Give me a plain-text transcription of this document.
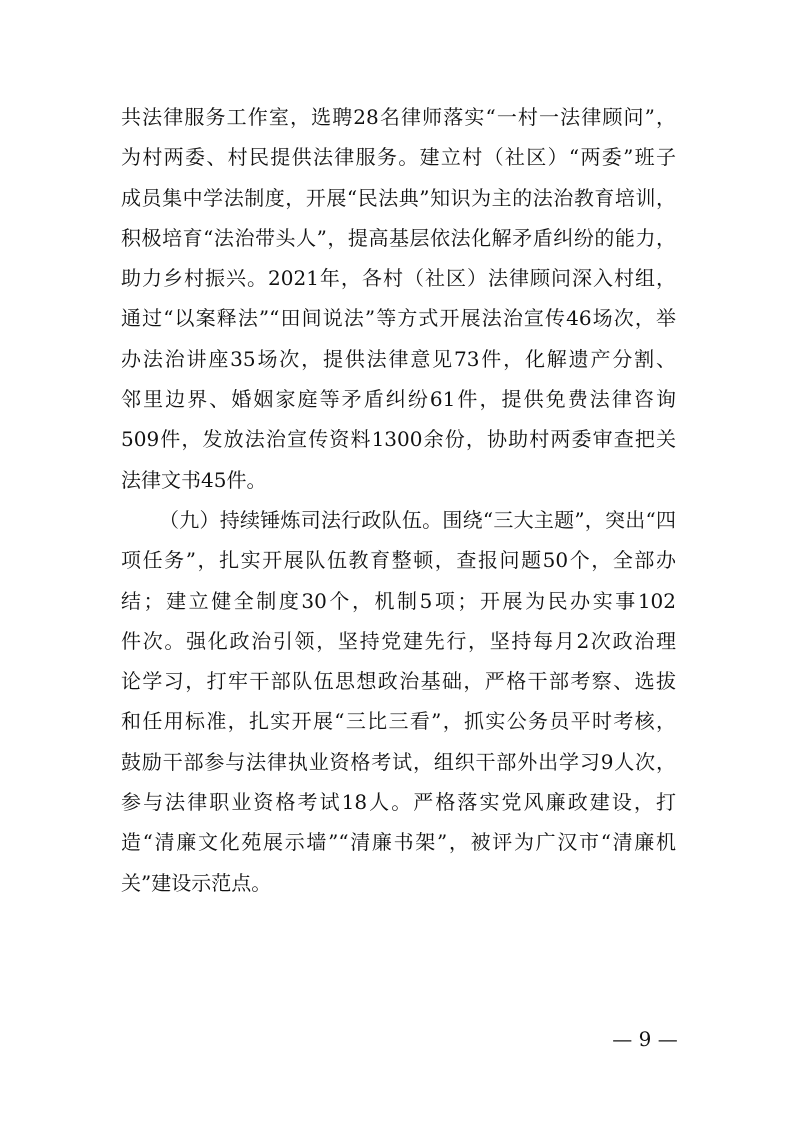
共法律服务工作室，选聘28名律师落实“一村一法律顾问”，
为村两委、村民提供法律服务。建立村（社区）“两委”班子
成员集中学法制度，开展“民法典”知识为主的法治教育培训，
积极培育“法治带头人”，提高基层依法化解矛盾纠纷的能力，
助力乡村振兴。2021年，各村（社区）法律顾问深入村组，
通过“以案释法”“田间说法”等方式开展法治宣传46场次，举
办法治讲座35场次，提供法律意见73件，化解遗产分割、
邻里边界、婚姻家庭等矛盾纠纷61件，提供免费法律咨询
509件，发放法治宣传资料1300余份，协助村两委审查把关
法律文书45件。
（九）持续锤炼司法行政队伍。围绕“三大主题”，突出“四
项任务”，扎实开展队伍教育整顿，查报问题50个，全部办
结；建立健全制度30个，机制5项；开展为民办实事102
件次。强化政治引领，坚持党建先行，坚持每月2次政治理
论学习，打牢干部队伍思想政治基础，严格干部考察、选拔
和任用标准，扎实开展“三比三看”，抓实公务员平时考核，
鼓励干部参与法律执业资格考试，组织干部外出学习9人次，
参与法律职业资格考试18人。严格落实党风廉政建设，打
造“清廉文化苑展示墙”“清廉书架”，被评为广汉市“清廉机
关”建设示范点。
— 9 —
